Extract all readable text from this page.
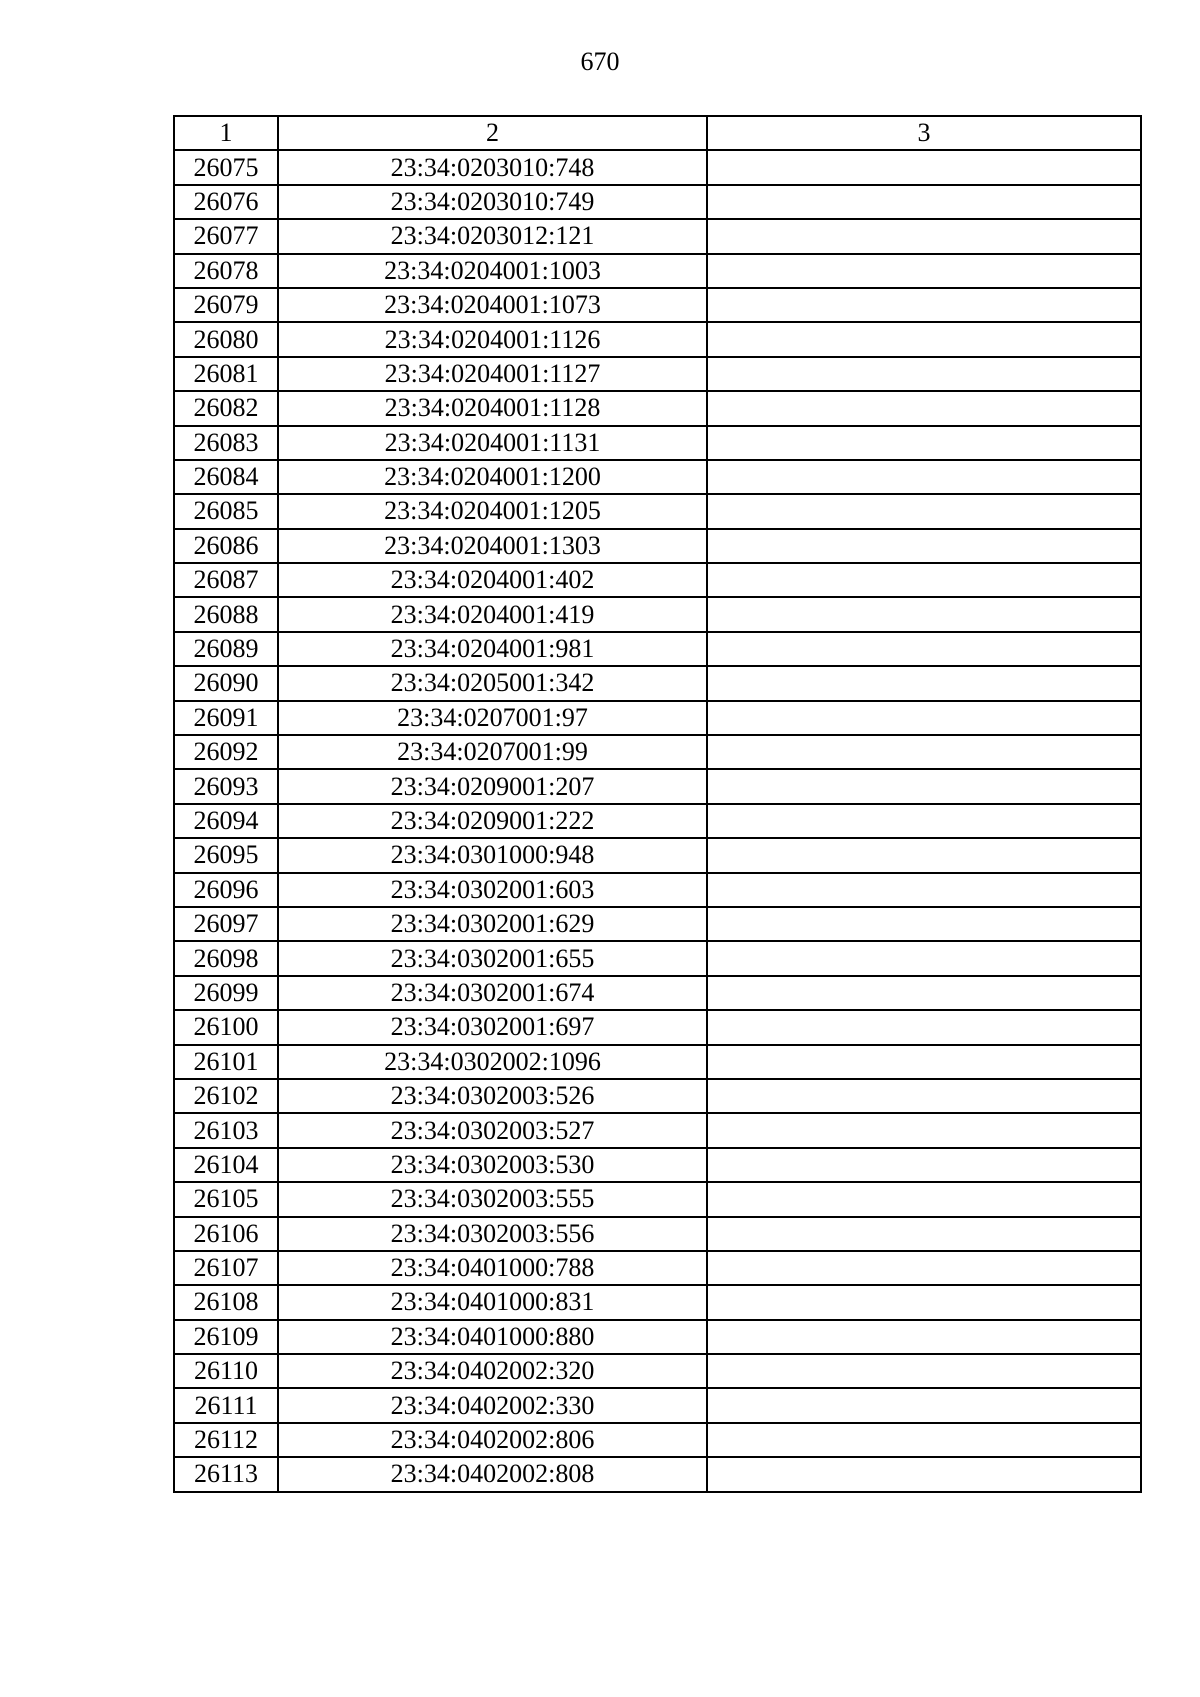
670
1	2	3
26075	23:34:0203010:748	
26076	23:34:0203010:749	
26077	23:34:0203012:121	
26078	23:34:0204001:1003	
26079	23:34:0204001:1073	
26080	23:34:0204001:1126	
26081	23:34:0204001:1127	
26082	23:34:0204001:1128	
26083	23:34:0204001:1131	
26084	23:34:0204001:1200	
26085	23:34:0204001:1205	
26086	23:34:0204001:1303	
26087	23:34:0204001:402	
26088	23:34:0204001:419	
26089	23:34:0204001:981	
26090	23:34:0205001:342	
26091	23:34:0207001:97	
26092	23:34:0207001:99	
26093	23:34:0209001:207	
26094	23:34:0209001:222	
26095	23:34:0301000:948	
26096	23:34:0302001:603	
26097	23:34:0302001:629	
26098	23:34:0302001:655	
26099	23:34:0302001:674	
26100	23:34:0302001:697	
26101	23:34:0302002:1096	
26102	23:34:0302003:526	
26103	23:34:0302003:527	
26104	23:34:0302003:530	
26105	23:34:0302003:555	
26106	23:34:0302003:556	
26107	23:34:0401000:788	
26108	23:34:0401000:831	
26109	23:34:0401000:880	
26110	23:34:0402002:320	
26111	23:34:0402002:330	
26112	23:34:0402002:806	
26113	23:34:0402002:808	
